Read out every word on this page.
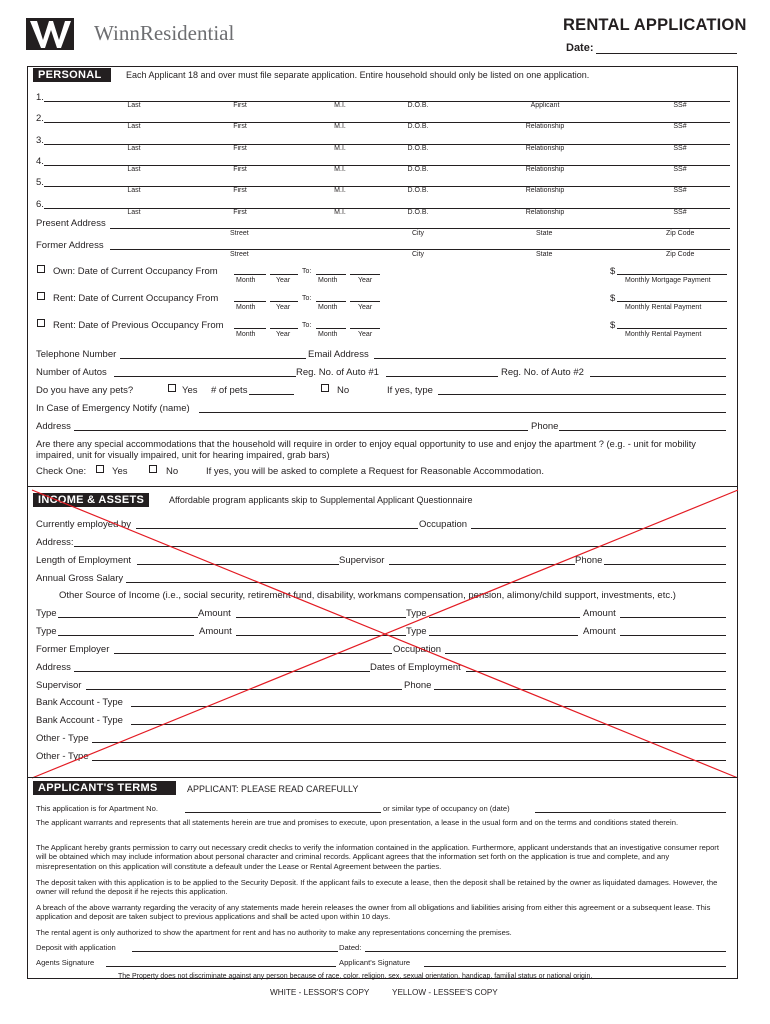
WinnResidential	RENTAL APPLICATION
Date:
PERSONAL	Each Applicant 18 and over must file separate application. Entire household should only be listed on one application.
1.
Last	First	M.I.	D.O.B.	Applicant	SS#
2.
Last	First	M.I.	D.O.B.	Relationship	SS#
3.
Last	First	M.I.	D.O.B.	Relationship	SS#
4.
Last	First	M.I.	D.O.B.	Relationship	SS#
5.
Last	First	M.I.	D.O.B.	Relationship	SS#
6.
Last	First	M.I.	D.O.B.	Relationship	SS#
Present Address
Street	City	State	Zip Code
Former Address
Street	City	State	Zip Code
Own: Date of Current Occupancy From	To:
Month	Year	Month	Year
$
Monthly Mortgage Payment
Rent: Date of Current Occupancy From	To:
Month	Year	Month	Year
$
Monthly Rental Payment
Rent: Date of Previous Occupancy From	To:
Month	Year	Month	Year
$
Monthly Rental Payment
Telephone Number	Email Address
Number of Autos	Reg. No. of Auto #1	Reg. No. of Auto #2
Do you have any pets?	Yes # of pets	No	If yes, type
In Case of Emergency Notify (name)
Address	Phone
Are there any special accommodations that the household will require in order to enjoy equal opportunity to use and enjoy the apartment ? (e.g. - unit for mobility impaired, unit for visually impaired, unit for hearing impaired, grab bars)
Check One:	Yes	No	If yes, you will be asked to complete a Request for Reasonable Accommodation.
INCOME & ASSETS	Affordable program applicants skip to Supplemental Applicant Questionnaire
Currently employed by	Occupation
Address:
Length of Employment	Supervisor	Phone
Annual Gross Salary
Other Source of Income (i.e., social security, retirement fund, disability, workmans compensation, pension, alimony/child support, investments, etc.)
Type	Amount	Type	Amount
Type	Amount	Type	Amount
Former Employer	Occupation
Address	Dates of Employment
Supervisor	Phone
Bank Account - Type
Bank Account - Type
Other - Type
Other - Type
APPLICANT'S TERMS	APPLICANT: PLEASE READ CAREFULLY
This application is for Apartment No.	or similar type of occupancy on (date)
The applicant warrants and represents that all statements herein are true and promises to execute, upon presentation, a lease in the usual form and on the terms and conditions stated therein.
The Applicant hereby grants permission to carry out necessary credit checks to verify the information contained in the application. Furthermore, applicant understands that an investigative consumer report will be obtained which may include information about personal character and criminal records. Applicant agrees that the information set forth on the application is true and complete, and any misrepresentation on this application will constitute a defeault under the Lease or Rental Agreement between the parties.
The deposit taken with this application is to be applied to the Security Deposit. If the applicant fails to execute a lease, then the deposit shall be retained by the owner as liquidated damages. However, the owner will refund the deposit if he rejects this application.
A breach of the above warranty regarding the veracity of any statements made herein releases the owner from all obligations and liabilities arising from either this agreement or a subsequent lease. This application and deposit are taken subject to previous applications and shall be acted upon within 10 days.
The rental agent is only authorized to show the apartment for rent and has no authority to make any representations concerning the premises.
Deposit with application	Dated:
Agents Signature	Applicant's Signature
The Property does not discriminate against any person because of race, color, religion, sex, sexual orientation, handicap, familial status or national origin.
WHITE - LESSOR'S COPY	YELLOW - LESSEE'S COPY
